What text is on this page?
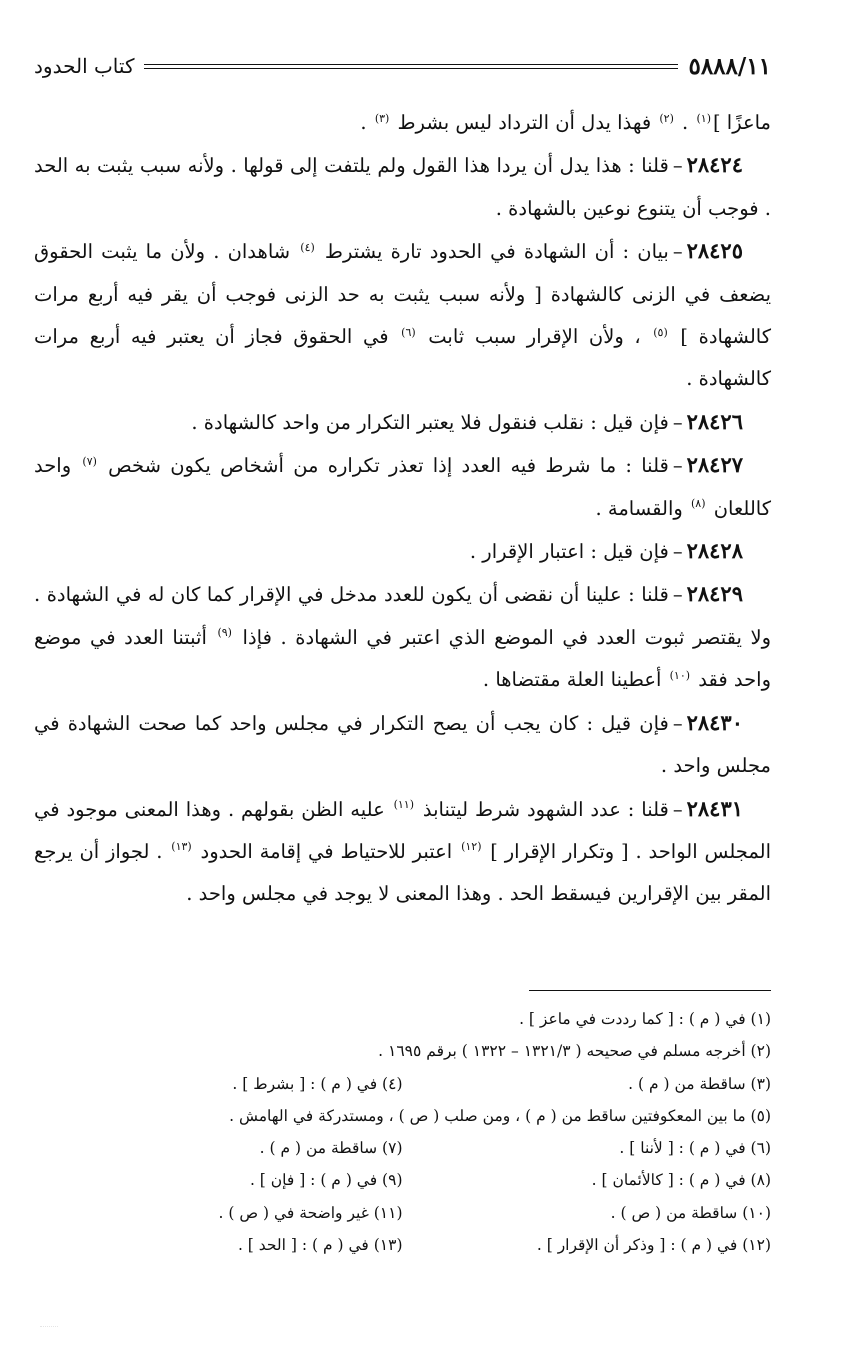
٥٨٨٨/١١
كتاب الحدود

ماعزًا ]$^{(١)}$ . $^{(٢)}$ فهذا يدل أن الترداد ليس بشرط $^{(٣)}$ .

٢٨٤٢٤–قلنا : هذا يدل أن يردا هذا القول ولم يلتفت إلى قولها . ولأنه سبب يثبت به الحد . فوجب أن يتنوع نوعين بالشهادة .

٢٨٤٢٥–بيان : أن الشهادة في الحدود تارة يشترط $^{(٤)}$ شاهدان . ولأن ما يثبت الحقوق يضعف في الزنى كالشهادة [ ولأنه سبب يثبت به حد الزنى فوجب أن يقر فيه أربع مرات كالشهادة ] $^{(٥)}$ ، ولأن الإقرار سبب ثابت $^{(٦)}$ في الحقوق فجاز أن يعتبر فيه أربع مرات كالشهادة .

٢٨٤٢٦–فإن قيل : نقلب فنقول فلا يعتبر التكرار من واحد كالشهادة .

٢٨٤٢٧–قلنا : ما شرط فيه العدد إذا تعذر تكراره من أشخاص يكون شخص $^{(٧)}$ واحد كاللعان $^{(٨)}$ والقسامة .

٢٨٤٢٨–فإن قيل : اعتبار الإقرار .

٢٨٤٢٩–قلنا : علينا أن نقضى أن يكون للعدد مدخل في الإقرار كما كان له في الشهادة . ولا يقتصر ثبوت العدد في الموضع الذي اعتبر في الشهادة . فإذا $^{(٩)}$ أثبتنا العدد في موضع واحد فقد $^{(١٠)}$ أعطينا العلة مقتضاها .

٢٨٤٣٠–فإن قيل : كان يجب أن يصح التكرار في مجلس واحد كما صحت الشهادة في مجلس واحد .

٢٨٤٣١–قلنا : عدد الشهود شرط ليتنابذ $^{(١١)}$ عليه الظن بقولهم . وهذا المعنى موجود في المجلس الواحد . [ وتكرار الإقرار ] $^{(١٢)}$ اعتبر للاحتياط في إقامة الحدود $^{(١٣)}$ . لجواز أن يرجع المقر بين الإقرارين فيسقط الحد . وهذا المعنى لا يوجد في مجلس واحد .

(١) في ( م ) : [ كما رددت في ماعز ] .

(٢) أخرجه مسلم في صحيحه ( ١٣٢١/٣ – ١٣٢٢ ) برقم ١٦٩٥ .

(٣) ساقطة من ( م ) .
(٤) في ( م ) : [ بشرط ] .

(٥) ما بين المعكوفتين ساقط من ( م ) ، ومن صلب ( ص ) ، ومستدركة في الهامش .

(٦) في ( م ) : [ لأننا ] .
(٧) ساقطة من ( م ) .
(٨) في ( م ) : [ كالأئمان ] .
(٩) في ( م ) : [ فإن ] .
(١٠) ساقطة من ( ص ) .
(١١) غير واضحة في ( ص ) .
(١٢) في ( م ) : [ وذكر أن الإقرار ] .
(١٣) في ( م ) : [ الحد ] .
